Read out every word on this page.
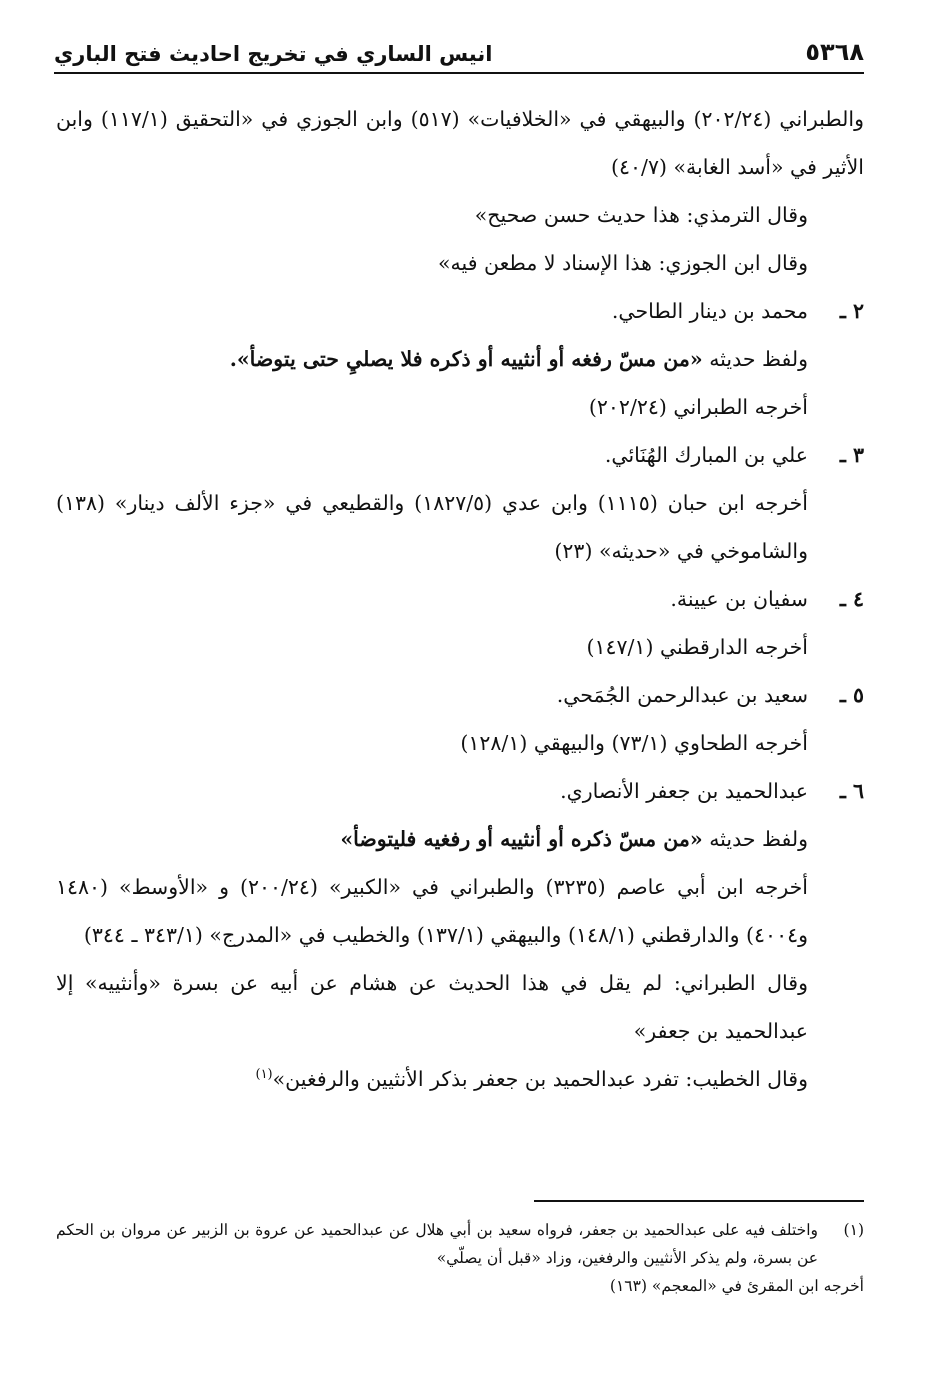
٥٣٦٨
انيس الساري في تخريج احاديث فتح الباري

والطبراني (٢٠٢/٢٤) والبيهقي في «الخلافيات» (٥١٧) وابن الجوزي في «التحقيق (١١٧/١) وابن الأثير في «أسد الغابة» (٤٠/٧)

وقال الترمذي: هذا حديث حسن صحيح»

وقال ابن الجوزي: هذا الإسناد لا مطعن فيه»

٢ ـ
محمد بن دينار الطاحي.

ولفظ حديثه «من مسّ رفغه أو أنثييه أو ذكره فلا يصليِ حتى يتوضأ».

أخرجه الطبراني (٢٠٢/٢٤)

٣ ـ
علي بن المبارك الهُنَائي.

أخرجه ابن حبان (١١١٥) وابن عدي (١٨٢٧/٥) والقطيعي في «جزء الألف دينار» (١٣٨) والشاموخي في «حديثه» (٢٣)

٤ ـ
سفيان بن عيينة.

أخرجه الدارقطني (١٤٧/١)

٥ ـ
سعيد بن عبدالرحمن الجُمَحي.

أخرجه الطحاوي (٧٣/١) والبيهقي (١٢٨/١)

٦ ـ
عبدالحميد بن جعفر الأنصاري.

ولفظ حديثه «من مسّ ذكره أو أنثييه أو رفغيه فليتوضأ»

أخرجه ابن أبي عاصم (٣٢٣٥) والطبراني في «الكبير» (٢٠٠/٢٤) و «الأوسط» (١٤٨٠ و٤٠٠٤) والدارقطني (١٤٨/١) والبيهقي (١٣٧/١) والخطيب في «المدرج» (٣٤٣/١ ـ ٣٤٤)

وقال الطبراني: لم يقل في هذا الحديث عن هشام عن أبيه عن بسرة «وأنثييه» إلا عبدالحميد بن جعفر»

وقال الخطيب: تفرد عبدالحميد بن جعفر بذكر الأنثيين والرفغين»$^{(١)}$

(١)

واختلف فيه على عبدالحميد بن جعفر، فرواه سعيد بن أبي هلال عن عبدالحميد عن عروة بن الزبير عن مروان بن الحكم عن بسرة، ولم يذكر الأنثيين والرفغين، وزاد «قبل أن يصلّي»

أخرجه ابن المقرئ في «المعجم» (١٦٣)
